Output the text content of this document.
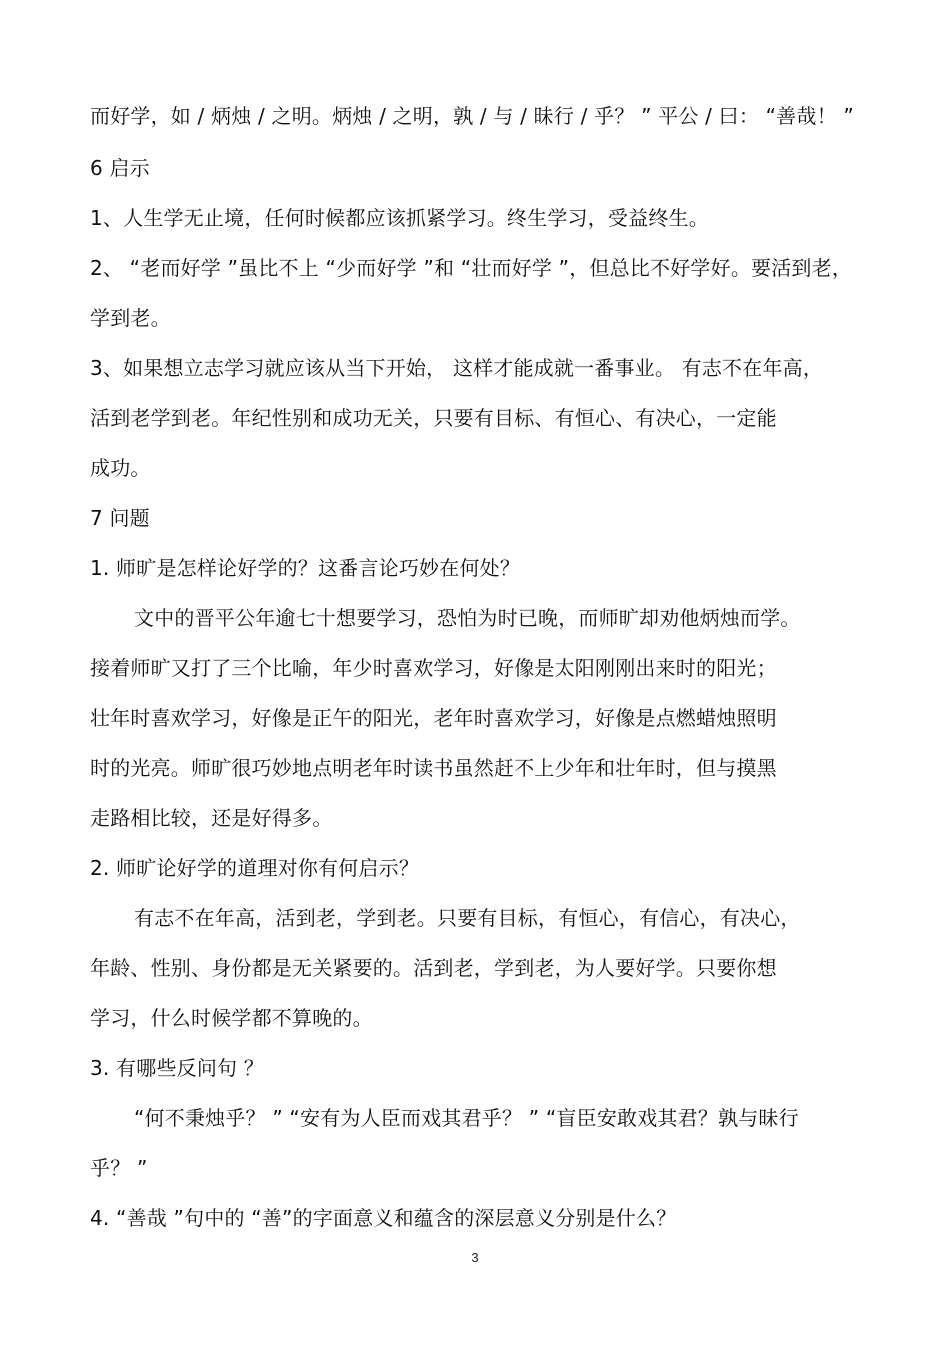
而好学，如 / 炳烛 / 之明。炳烛 / 之明，孰 / 与 / 昧行 / 乎？ ” 平公 / 曰： “善哉！ ”
6 启示
1、人生学无止境，任何时候都应该抓紧学习。终生学习，受益终生。
2、 “老而好学 ”虽比不上 “少而好学 ”和 “壮而好学 ”，但总比不好学好。要活到老，
学到老。
3、如果想立志学习就应该从当下开始， 这样才能成就一番事业。 有志不在年高，
活到老学到老。年纪性别和成功无关，只要有目标、有恒心、有决心，一定能
成功。
7 问题
1. 师旷是怎样论好学的？这番言论巧妙在何处？
文中的晋平公年逾七十想要学习，恐怕为时已晚，而师旷却劝他炳烛而学。
接着师旷又打了三个比喻，年少时喜欢学习，好像是太阳刚刚出来时的阳光；
壮年时喜欢学习，好像是正午的阳光，老年时喜欢学习，好像是点燃蜡烛照明
时的光亮。师旷很巧妙地点明老年时读书虽然赶不上少年和壮年时，但与摸黑
走路相比较，还是好得多。
2. 师旷论好学的道理对你有何启示？
有志不在年高，活到老，学到老。只要有目标，有恒心，有信心，有决心，
年龄、性别、身份都是无关紧要的。活到老，学到老，为人要好学。只要你想
学习，什么时候学都不算晚的。
3. 有哪些反问句 ？
“何不秉烛乎？ ” “安有为人臣而戏其君乎？ ” “盲臣安敢戏其君？孰与昧行
乎？ ”
4. “善哉 ”句中的 “善”的字面意义和蕴含的深层意义分别是什么？
3
